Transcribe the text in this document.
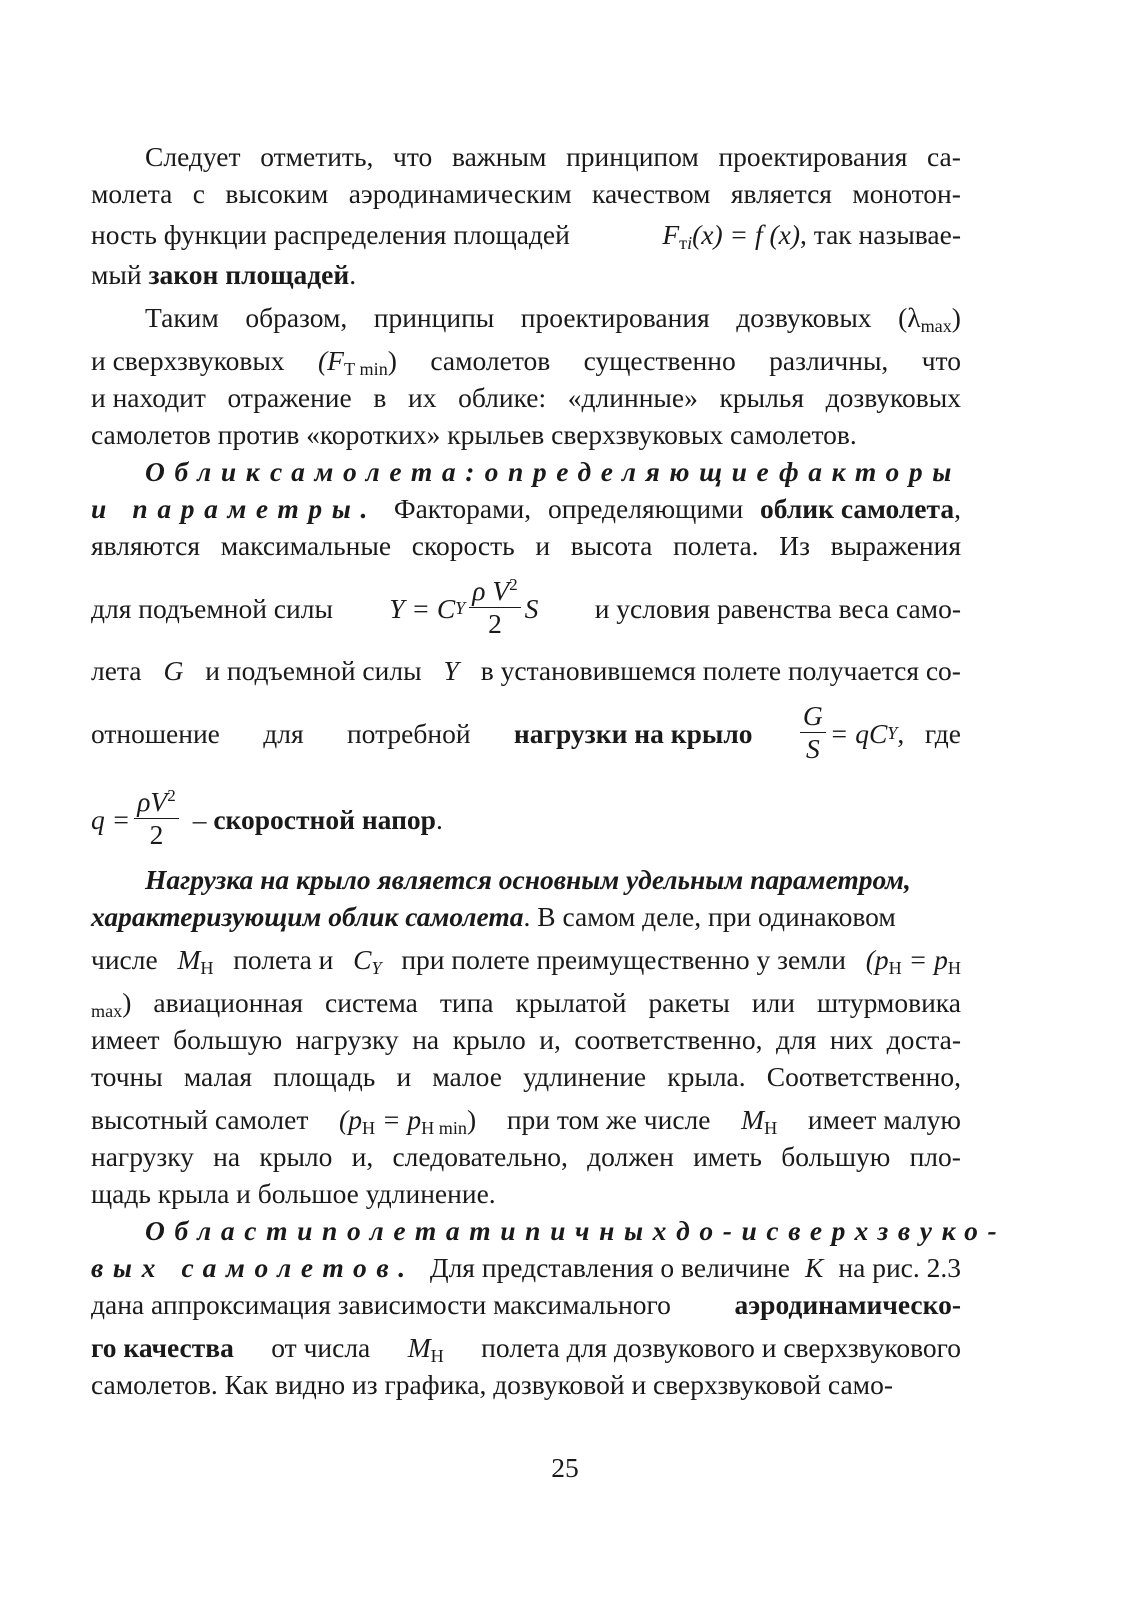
Следует отметить, что важным принципом проектирования са-
молета с высоким аэродинамическим качеством является монотон-
ность функции распределения площадей	$F_{тi}(x) = f$ (x), так называе-
мый закон площадей .
Таким образом, принципы проектирования дозвуковых $(\lambda_{max})$
и сверхзвуковых $(F_{Т min})$ самолетов существенно различны, что
и находит отражение в их облике: «длинные» крылья дозвуковых
самолетов против «коротких» крыльев сверхзвуковых самолетов.
Облик самолета: определяющие факторы
и параметры. Факторами, определяющими облик самолета,
являются максимальные скорость и высота полета. Из выражения
для подъемной силы Y = C Y $\frac{\rho V^2}{2}$ S и условия равенства веса само-
лета G и подъемной силы Y в установившемся полете получается со-
отношение для потребной нагрузки на крыло $\frac{G}{S}$ = qC Y ,   где
$q = \frac{\rho V^2}{2}$ – скоростной напор .
Нагрузка на крыло является основным удельным параметром,
характеризующим облик самолета . В самом деле, при одинаковом
числе $M_Н$ полета и $C_Y$ при полете преимущественно у земли ($p_Н = p_Н$
$_{max}$) авиационная система типа крылатой ракеты или штурмовика
имеет большую нагрузку на крыло и, соответственно, для них доста-
точны малая площадь и малое удлинение крыла. Соответственно,
высотный самолет $(p_Н = p_{Н min})$ при том же числе $M_Н$ имеет малую
нагрузку на крыло и, следовательно, должен иметь большую пло-
щадь крыла и большое удлинение.
Области полета типичных до- и сверхзвуко-
вых самолетов. Для представления о величине K на рис. 2.3
дана аппроксимация зависимости максимального аэродинамическо-
го качества от числа $M_Н$ полета для дозвукового и сверхзвукового
самолетов. Как видно из графика, дозвуковой и сверхзвуковой само-
25
